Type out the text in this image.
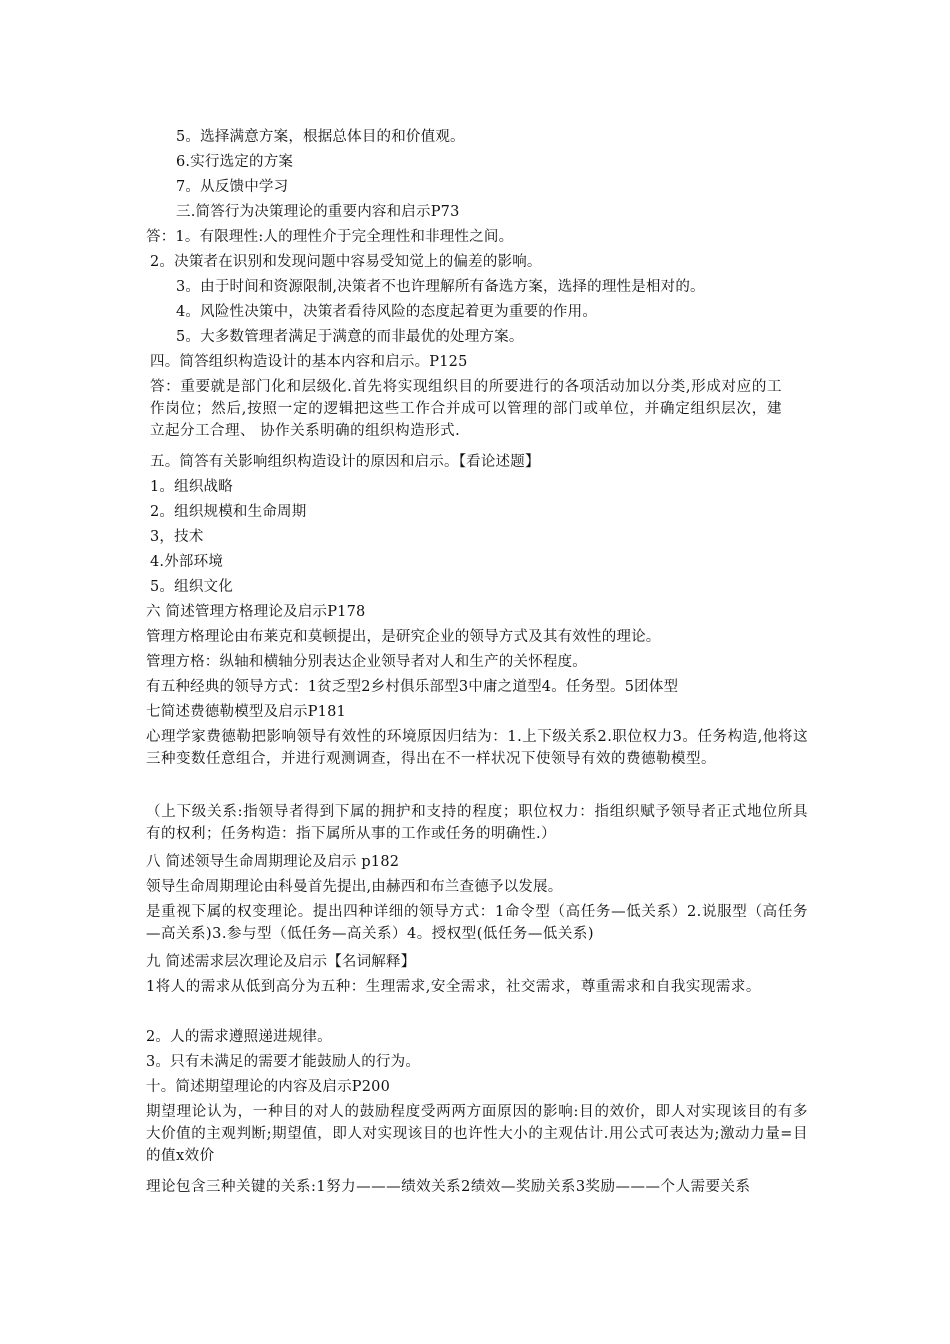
5。选择满意方案，根据总体目的和价值观。
6.实行选定的方案
7。从反馈中学习
三.简答行为决策理论的重要内容和启示P73
答：1。有限理性:人的理性介于完全理性和非理性之间。
2。决策者在识别和发现问题中容易受知觉上的偏差的影响。
3。由于时间和资源限制,决策者不也许理解所有备选方案，选择的理性是相对的。
4。风险性决策中，决策者看待风险的态度起着更为重要的作用。
5。大多数管理者满足于满意的而非最优的处理方案。
四。简答组织构造设计的基本内容和启示。P125
答：重要就是部门化和层级化.首先将实现组织目的所要进行的各项活动加以分类,形成对应的工作岗位；然后,按照一定的逻辑把这些工作合并成可以管理的部门或单位，并确定组织层次，建立起分工合理、 协作关系明确的组织构造形式.
五。简答有关影响组织构造设计的原因和启示。【看论述题】
1。组织战略
2。组织规模和生命周期
3，技术
4.外部环境
5。组织文化
六 简述管理方格理论及启示P178
管理方格理论由布莱克和莫顿提出，是研究企业的领导方式及其有效性的理论。
管理方格：纵轴和横轴分别表达企业领导者对人和生产的关怀程度。
有五种经典的领导方式：1贫乏型2乡村俱乐部型3中庸之道型4。任务型。5团体型
七简述费德勒模型及启示P181
心理学家费德勒把影响领导有效性的环境原因归结为：1.上下级关系2.职位权力3。任务构造,他将这三种变数任意组合，并进行观测调查，得出在不一样状况下使领导有效的费德勒模型。
（上下级关系:指领导者得到下属的拥护和支持的程度；职位权力：指组织赋予领导者正式地位所具有的权利；任务构造：指下属所从事的工作或任务的明确性.）
八 简述领导生命周期理论及启示 p182
领导生命周期理论由科曼首先提出,由赫西和布兰查德予以发展。
是重视下属的权变理论。提出四种详细的领导方式：1命令型（高任务—低关系）2.说服型（高任务—高关系)3.参与型（低任务—高关系）4。授权型(低任务—低关系)
九 简述需求层次理论及启示【名词解释】
1将人的需求从低到高分为五种：生理需求,安全需求，社交需求，尊重需求和自我实现需求。
2。人的需求遵照递进规律。
3。只有未满足的需要才能鼓励人的行为。
十。简述期望理论的内容及启示P200
期望理论认为，一种目的对人的鼓励程度受两两方面原因的影响:目的效价，即人对实现该目的有多大价值的主观判断;期望值，即人对实现该目的也许性大小的主观估计.用公式可表达为;激动力量=目的值x效价
理论包含三种关键的关系:1努力———绩效关系2绩效—奖励关系3奖励———个人需要关系
